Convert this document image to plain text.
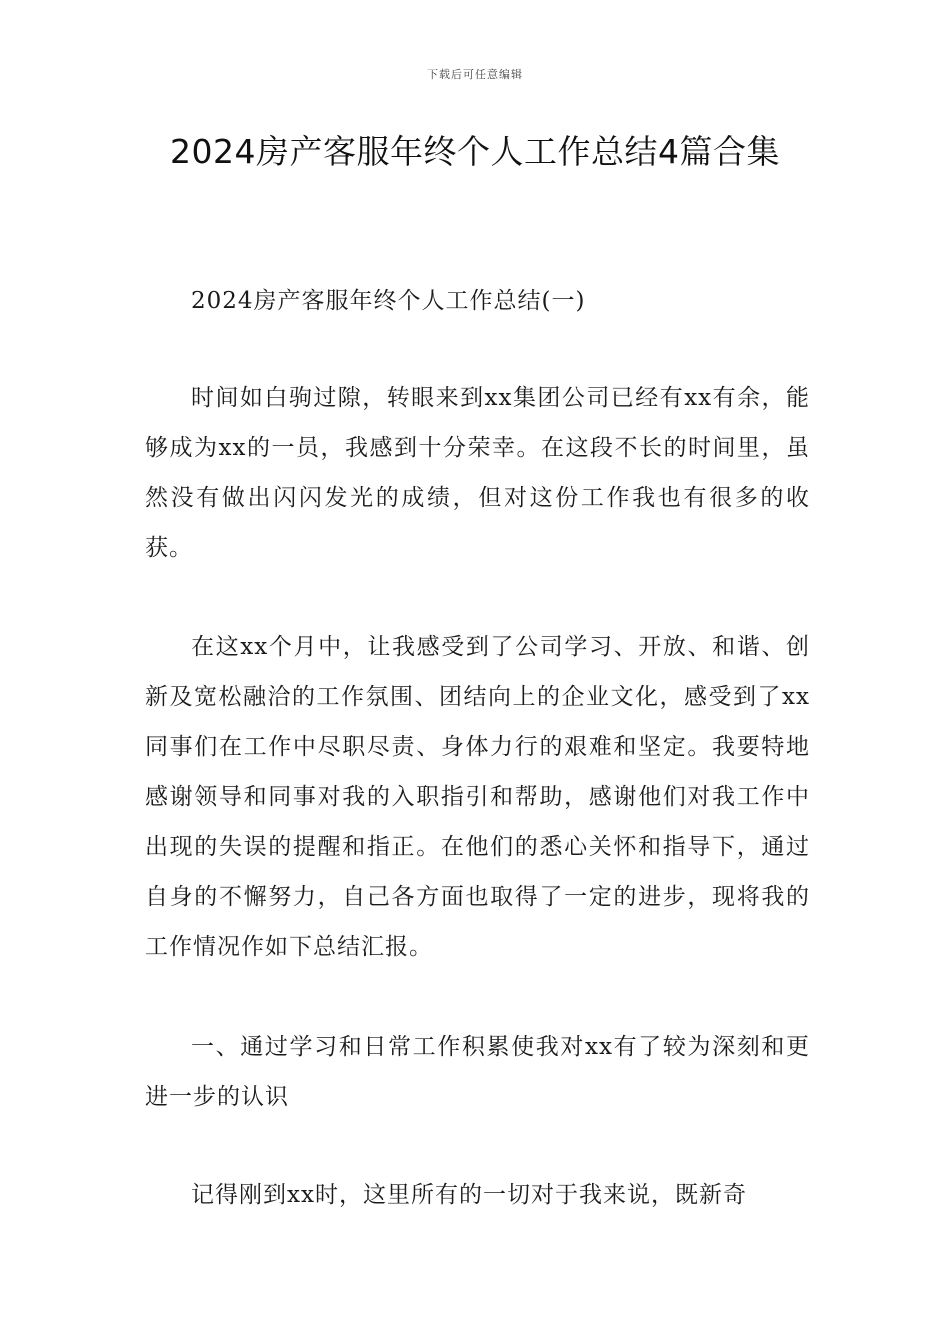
下载后可任意编辑
2024房产客服年终个人工作总结4篇合集

2024房产客服年终个人工作总结(一)

时间如白驹过隙，转眼来到xx集团公司已经有xx有余，能够成为xx的一员，我感到十分荣幸。在这段不长的时间里，虽然没有做出闪闪发光的成绩，但对这份工作我也有很多的收获。

在这xx个月中，让我感受到了公司学习、开放、和谐、创新及宽松融洽的工作氛围、团结向上的企业文化，感受到了xx同事们在工作中尽职尽责、身体力行的艰难和坚定。我要特地感谢领导和同事对我的入职指引和帮助，感谢他们对我工作中出现的失误的提醒和指正。在他们的悉心关怀和指导下，通过自身的不懈努力，自己各方面也取得了一定的进步，现将我的工作情况作如下总结汇报。

一、通过学习和日常工作积累使我对xx有了较为深刻和更进一步的认识

记得刚到xx时，这里所有的一切对于我来说，既新奇
